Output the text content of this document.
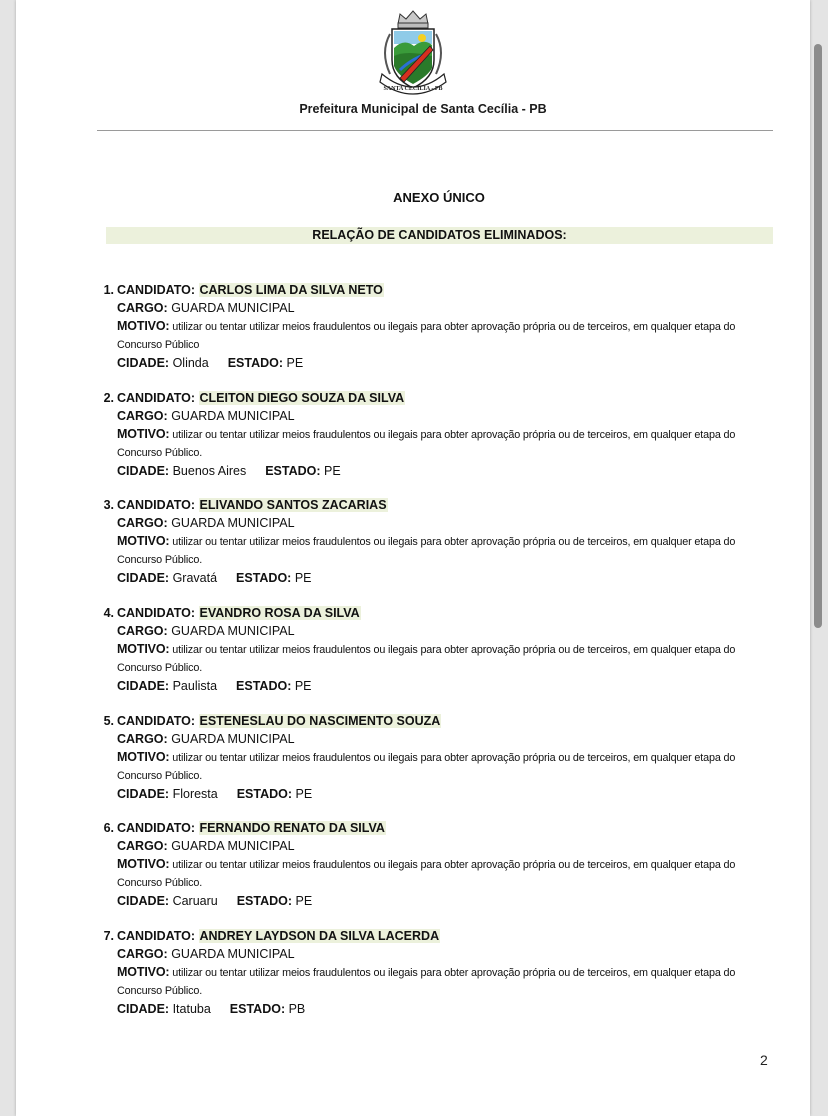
SANTA CECÍLIA - PB
Prefeitura Municipal de Santa Cecília - PB
ANEXO ÚNICO
RELAÇÃO DE CANDIDATOS ELIMINADOS:
1. CANDIDATO: CARLOS LIMA DA SILVA NETO
CARGO: GUARDA MUNICIPAL
MOTIVO: utilizar ou tentar utilizar meios fraudulentos ou ilegais para obter aprovação própria ou de terceiros, em qualquer etapa do
Concurso Público
CIDADE: Olinda ESTADO: PE
2. CANDIDATO: CLEITON DIEGO SOUZA DA SILVA
CARGO: GUARDA MUNICIPAL
MOTIVO: utilizar ou tentar utilizar meios fraudulentos ou ilegais para obter aprovação própria ou de terceiros, em qualquer etapa do
Concurso Público.
CIDADE: Buenos Aires ESTADO: PE
3. CANDIDATO: ELIVANDO SANTOS ZACARIAS
CARGO: GUARDA MUNICIPAL
MOTIVO: utilizar ou tentar utilizar meios fraudulentos ou ilegais para obter aprovação própria ou de terceiros, em qualquer etapa do
Concurso Público.
CIDADE: Gravatá ESTADO: PE
4. CANDIDATO: EVANDRO ROSA DA SILVA
CARGO: GUARDA MUNICIPAL
MOTIVO: utilizar ou tentar utilizar meios fraudulentos ou ilegais para obter aprovação própria ou de terceiros, em qualquer etapa do
Concurso Público.
CIDADE: Paulista ESTADO: PE
5. CANDIDATO: ESTENESLAU DO NASCIMENTO SOUZA
CARGO: GUARDA MUNICIPAL
MOTIVO: utilizar ou tentar utilizar meios fraudulentos ou ilegais para obter aprovação própria ou de terceiros, em qualquer etapa do
Concurso Público.
CIDADE: Floresta ESTADO: PE
6. CANDIDATO: FERNANDO RENATO DA SILVA
CARGO: GUARDA MUNICIPAL
MOTIVO: utilizar ou tentar utilizar meios fraudulentos ou ilegais para obter aprovação própria ou de terceiros, em qualquer etapa do
Concurso Público.
CIDADE: Caruaru ESTADO: PE
7. CANDIDATO: ANDREY LAYDSON DA SILVA LACERDA
CARGO: GUARDA MUNICIPAL
MOTIVO: utilizar ou tentar utilizar meios fraudulentos ou ilegais para obter aprovação própria ou de terceiros, em qualquer etapa do
Concurso Público.
CIDADE: Itatuba ESTADO: PB
2
